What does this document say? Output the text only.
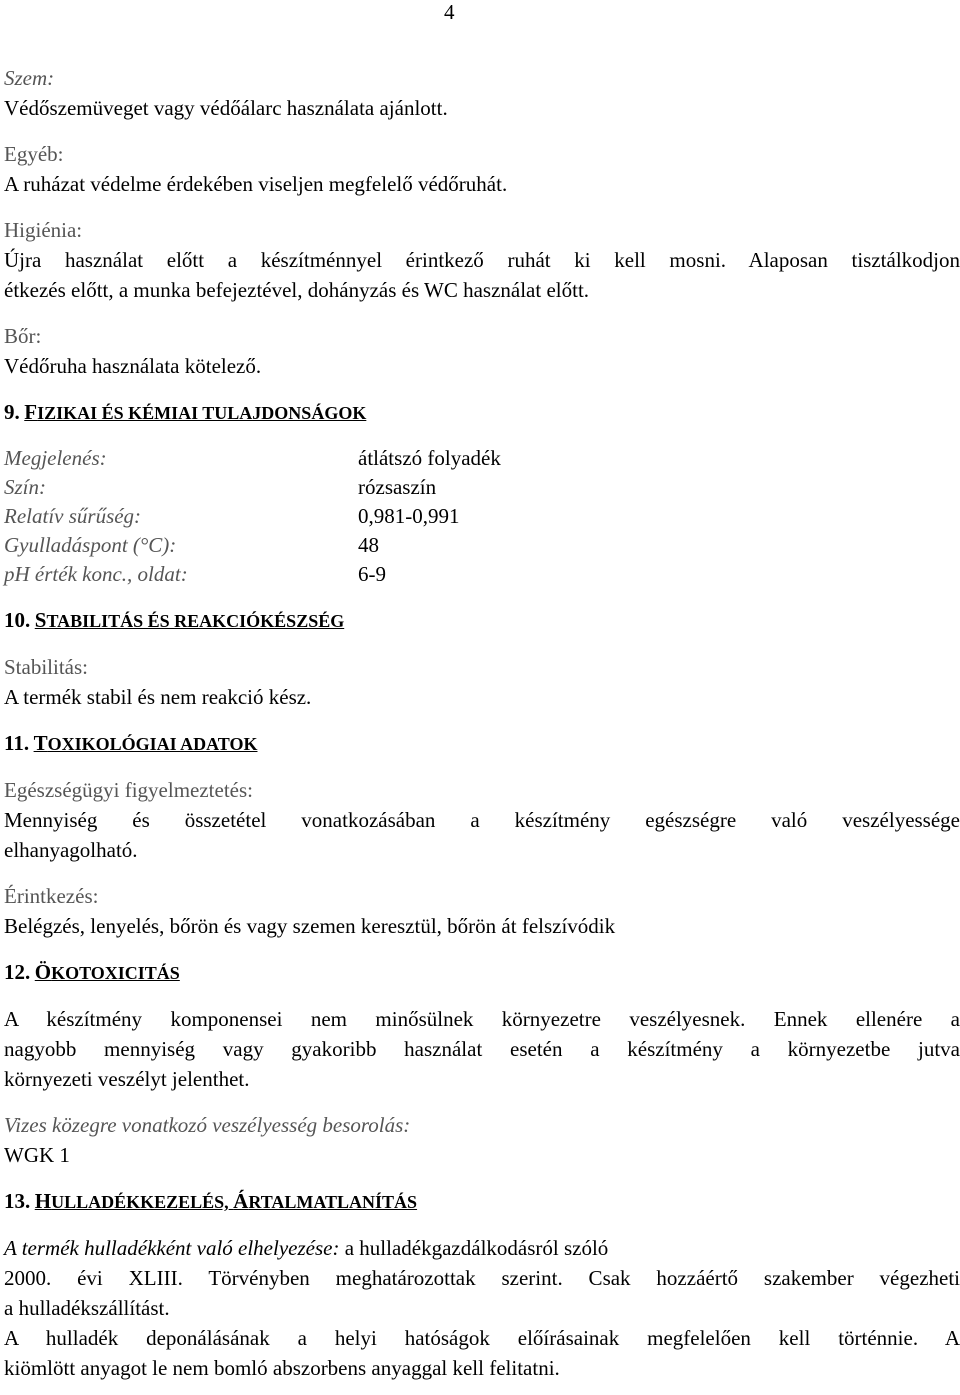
4
Szem:
Védőszemüveget vagy védőálarc használata ajánlott.
Egyéb:
A ruházat védelme érdekében viseljen megfelelő védőruhát.
Higiénia:
Újra használat előtt a készítménnyel érintkező ruhát ki kell mosni. Alaposan tisztálkodjon
étkezés előtt, a munka befejeztével, dohányzás és WC használat előtt.
Bőr:
Védőruha használata kötelező.
9. FIZIKAI ÉS KÉMIAI TULAJDONSÁGOK
Megjelenés:	átlátszó folyadék
Szín:	rózsaszín
Relatív sűrűség:	0,981-0,991
Gyulladáspont (°C):	48
pH érték konc., oldat:	6-9
10. STABILITÁS ÉS REAKCIÓKÉSZSÉG
Stabilitás:
A termék stabil és nem reakció kész.
11. TOXIKOLÓGIAI ADATOK
Egészségügyi figyelmeztetés:
Mennyiség és összetétel vonatkozásában a készítmény egészségre való veszélyessége
elhanyagolható.
Érintkezés:
Belégzés, lenyelés, bőrön és vagy szemen keresztül, bőrön át felszívódik
12. ÖKOTOXICITÁS
A készítmény komponensei nem minősülnek környezetre veszélyesnek. Ennek ellenére a
nagyobb mennyiség vagy gyakoribb használat esetén a készítmény a környezetbe jutva
környezeti veszélyt jelenthet.
Vizes közegre vonatkozó veszélyesség besorolás:
WGK 1
13. HULLADÉKKEZELÉS, ÁRTALMATLANÍTÁS
A termék hulladékként való elhelyezése: a hulladékgazdálkodásról szóló
2000. évi XLIII. Törvényben meghatározottak szerint. Csak hozzáértő szakember végezheti
a hulladékszállítást.
A hulladék deponálásának a helyi hatóságok előírásainak megfelelően kell történnie. A
kiömlött anyagot le nem bomló abszorbens anyaggal kell felitatni.
